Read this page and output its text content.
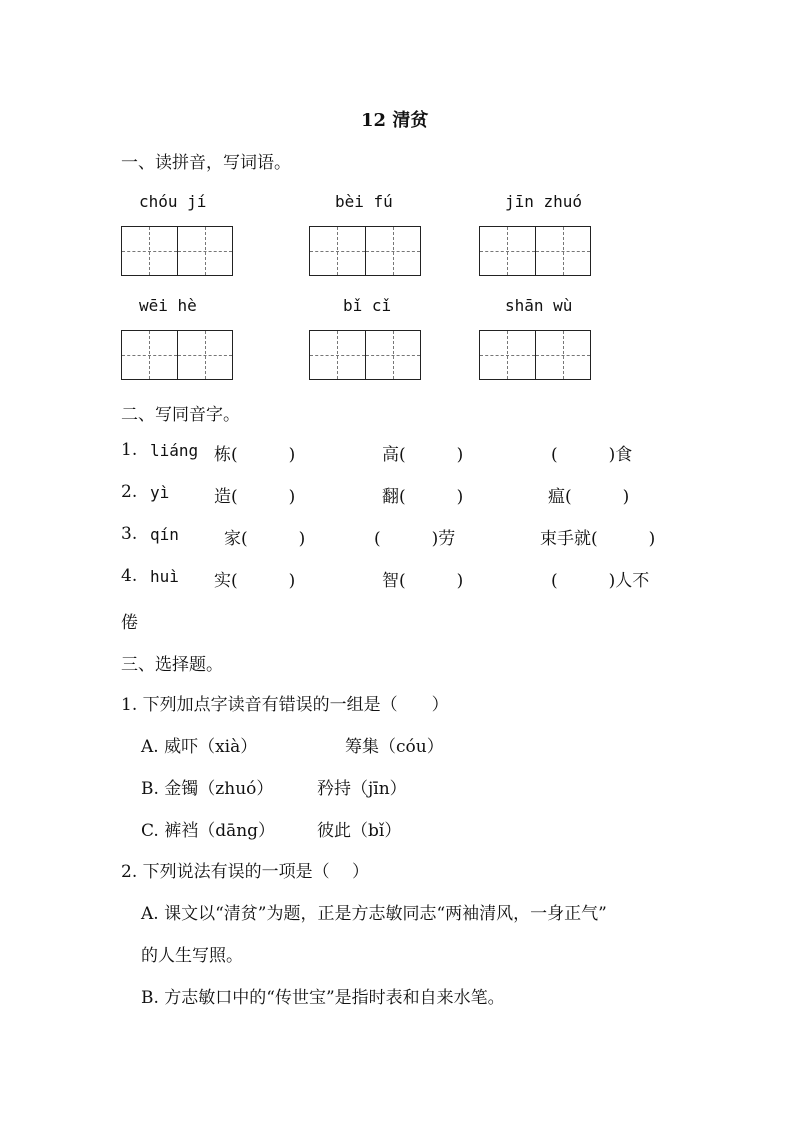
12 清贫
一、读拼音，写词语。
chóu jí	bèi fú	jīn zhuó
wēi hè	bǐ cǐ	shān wù
二、写同音字。
1. liáng 栋(　　　)	高(　　　)	(　　　)食
2. yì	造(　　　)	翻(　　　)	瘟(　　　)
3. qín	家(　　　)	(　　　)劳	束手就(　　　)
4. huì 实(　　　)	智(　　　)	(　　　)人不
倦
三、选择题。
1. 下列加点字读音有错误的一组是（　　）
A. 威吓（xià）	筹集（cóu）
B. 金镯（zhuó）	矜持（jīn）
C. 裤裆（dāng） 彼此（bǐ）
2. 下列说法有误的一项是（　 ）
A. 课文以“清贫”为题，正是方志敏同志“两袖清风，一身正气”
的人生写照。
B. 方志敏口中的“传世宝”是指时表和自来水笔。
